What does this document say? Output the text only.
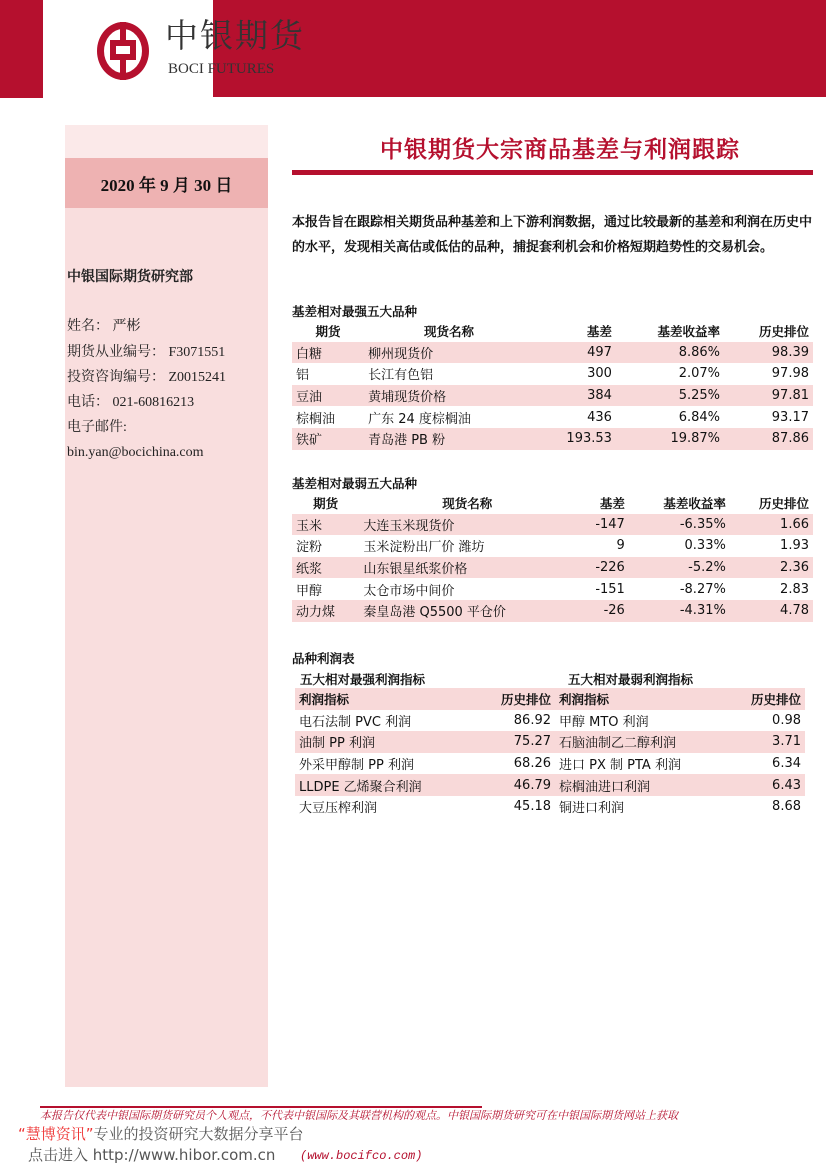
中银期货
BOCI FUTURES
2020 年 9 月 30 日
中银期货大宗商品基差与利润跟踪
中银国际期货研究部
姓名： 严彬
期货从业编号： F3071551
投资咨询编号： Z0015241
电话： 021-60816213
电子邮件:
bin.yan@bocichina.com
本报告旨在跟踪相关期货品种基差和上下游利润数据，通过比较最新的基差和利润在历史中的水平，发现相关高估或低估的品种，捕捉套利机会和价格短期趋势性的交易机会。
基差相对最强五大品种
期货	现货名称	基差	基差收益率	历史排位
白糖	柳州现货价	497	8.86%	98.39
铝	长江有色铝	300	2.07%	97.98
豆油	黄埔现货价格	384	5.25%	97.81
棕榈油	广东 24 度棕榈油	436	6.84%	93.17
铁矿	青岛港 PB 粉	193.53	19.87%	87.86
基差相对最弱五大品种
期货	现货名称	基差	基差收益率	历史排位
玉米	大连玉米现货价	-147	-6.35%	1.66
淀粉	玉米淀粉出厂价 潍坊	9	0.33%	1.93
纸浆	山东银星纸浆价格	-226	-5.2%	2.36
甲醇	太仓市场中间价	-151	-8.27%	2.83
动力煤	秦皇岛港 Q5500 平仓价	-26	-4.31%	4.78
品种利润表
五大相对最强利润指标	五大相对最弱利润指标
利润指标	历史排位
电石法制 PVC 利润	86.92
油制 PP 利润	75.27
外采甲醇制 PP 利润	68.26
LLDPE 乙烯聚合利润	46.79
大豆压榨利润	45.18
利润指标	历史排位
甲醇 MTO 利润	0.98
石脑油制乙二醇利润	3.71
进口 PX 制 PTA 利润	6.34
棕榈油进口利润	6.43
铜进口利润	8.68
本报告仅代表中银国际期货研究员个人观点，不代表中银国际及其联营机构的观点。中银国际期货研究可在中银国际期货网站上获取
“慧博资讯”专业的投资研究大数据分享平台
点击进入 http://www.hibor.com.cn (www.bocifco.com)
